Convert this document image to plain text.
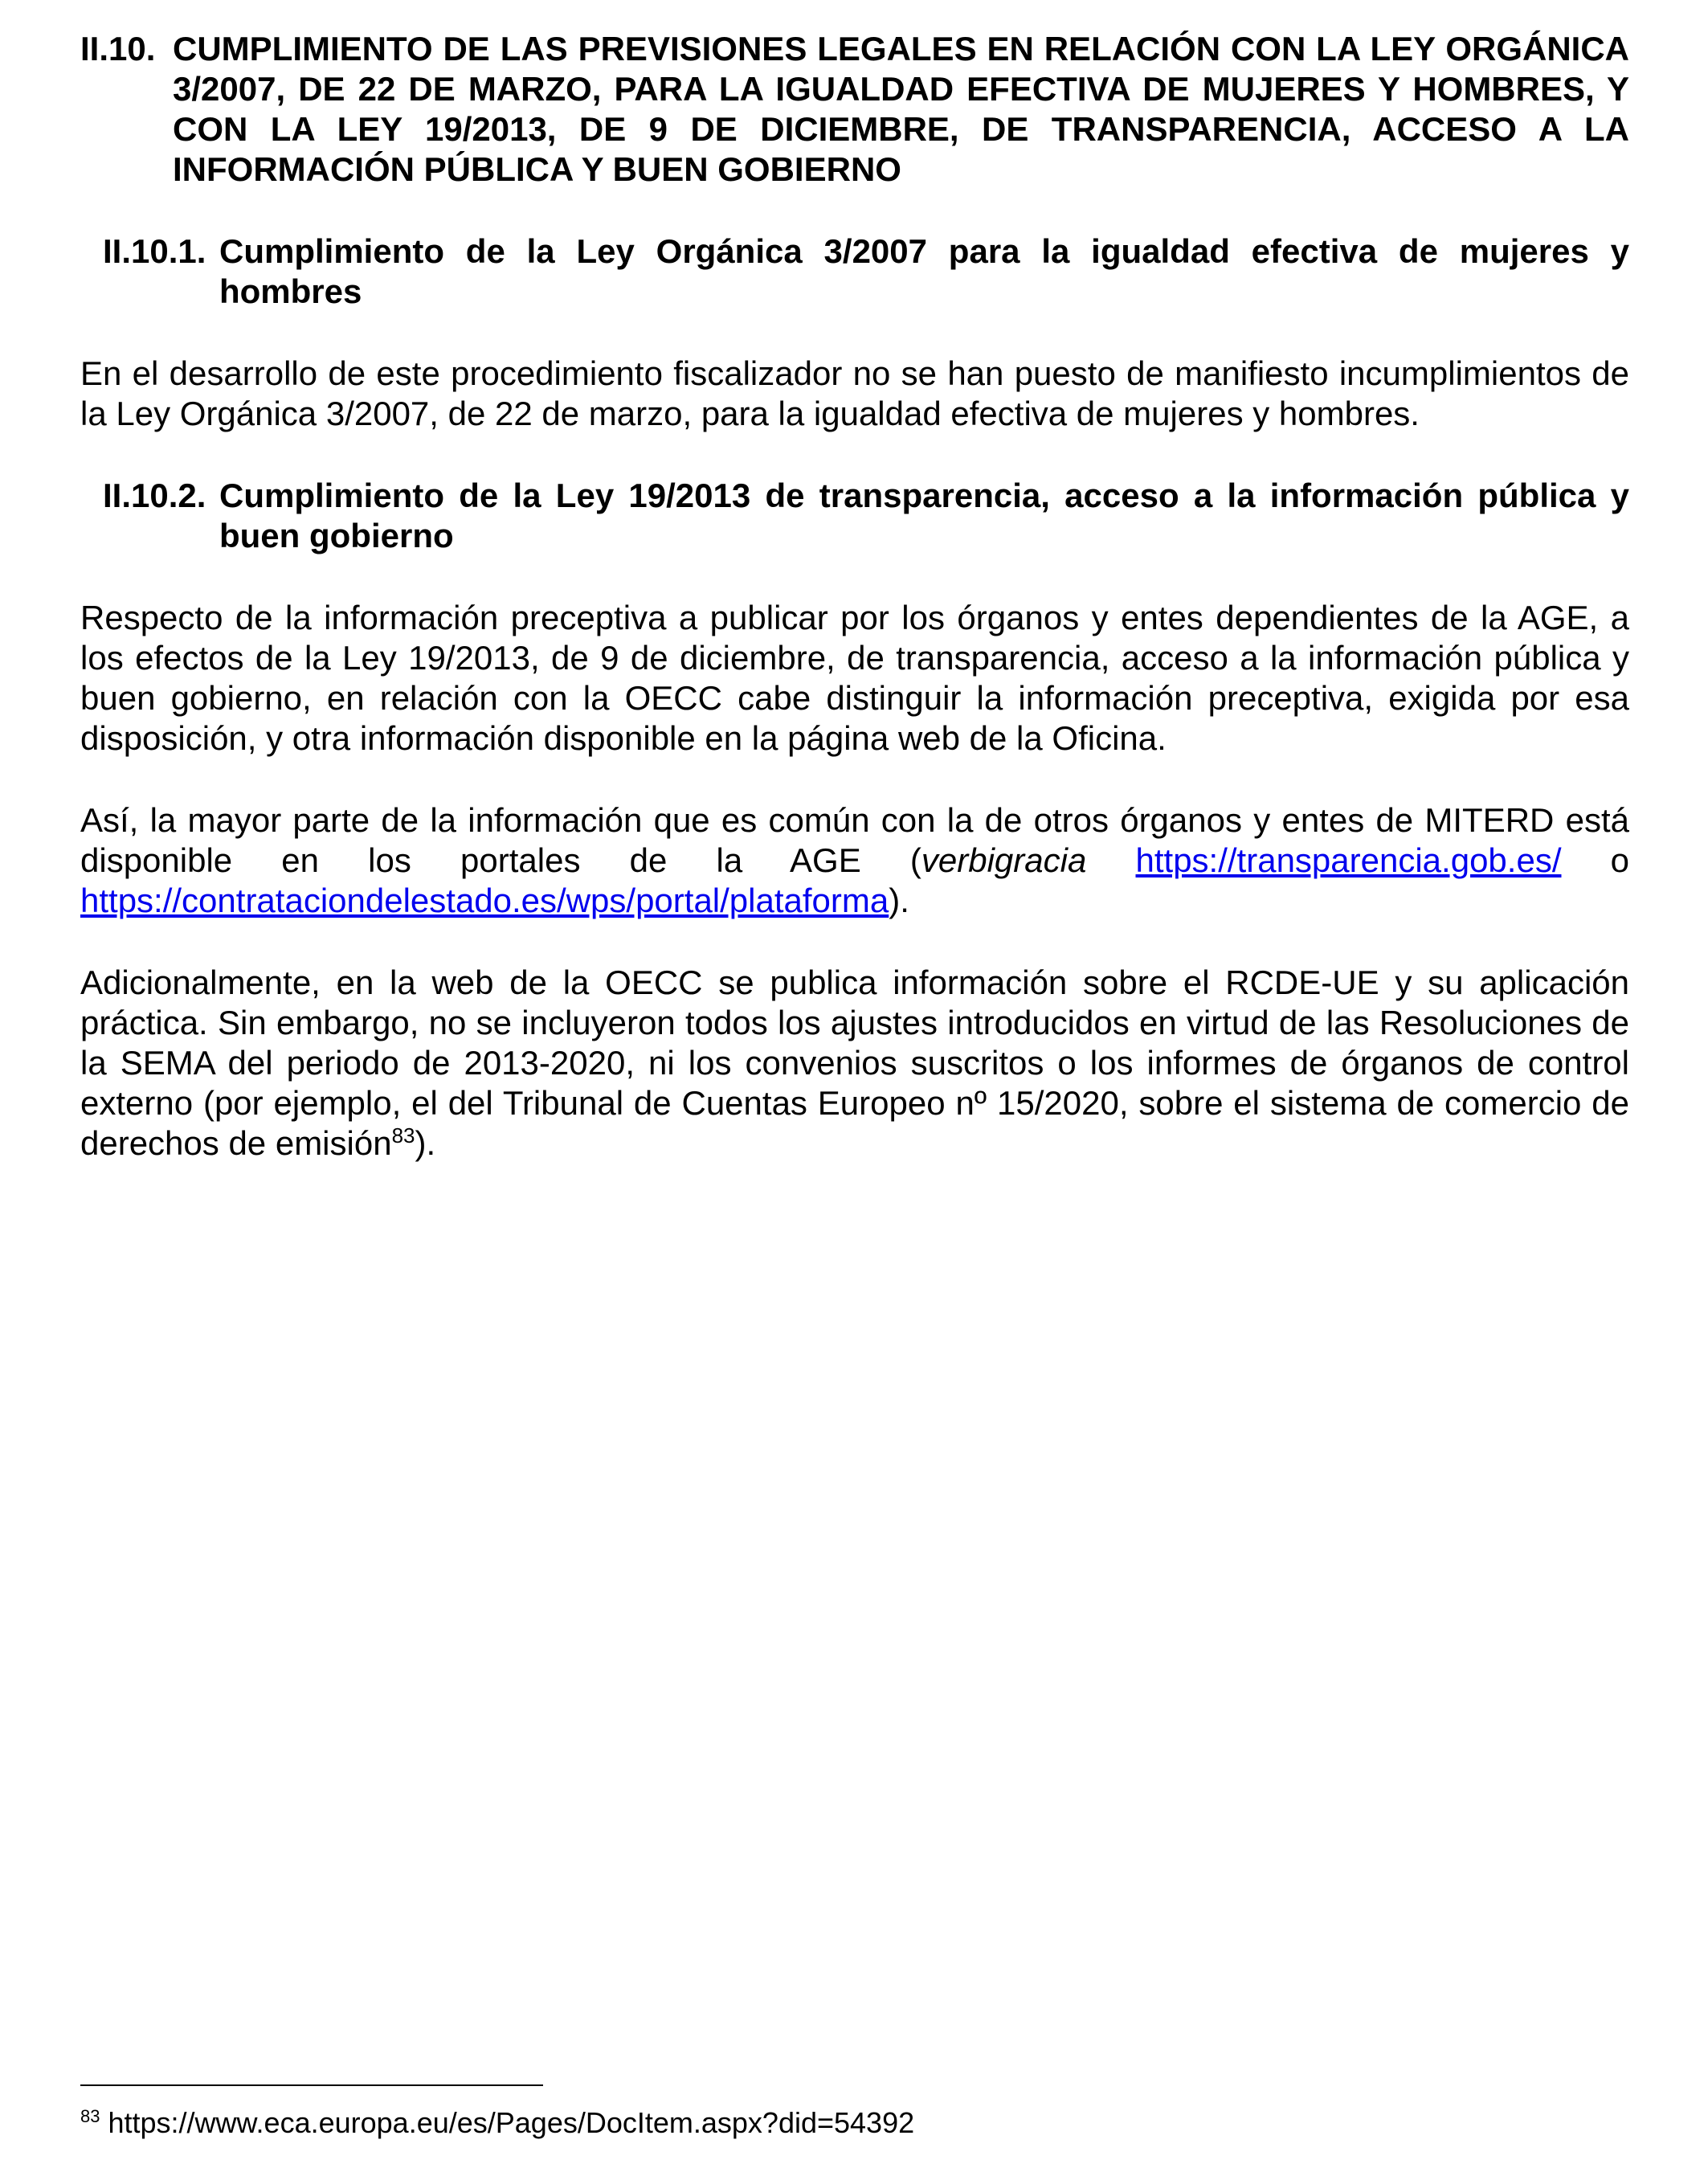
II.10. CUMPLIMIENTO DE LAS PREVISIONES LEGALES EN RELACIÓN CON LA LEY ORGÁNICA 3/2007, DE 22 DE MARZO, PARA LA IGUALDAD EFECTIVA DE MUJERES Y HOMBRES, Y CON LA LEY 19/2013, DE 9 DE DICIEMBRE, DE TRANSPARENCIA, ACCESO A LA INFORMACIÓN PÚBLICA Y BUEN GOBIERNO
II.10.1. Cumplimiento de la Ley Orgánica 3/2007 para la igualdad efectiva de mujeres y hombres

En el desarrollo de este procedimiento fiscalizador no se han puesto de manifiesto incumplimientos de la Ley Orgánica 3/2007, de 22 de marzo, para la igualdad efectiva de mujeres y hombres.

II.10.2. Cumplimiento de la Ley 19/2013 de transparencia, acceso a la información pública y buen gobierno

Respecto de la información preceptiva a publicar por los órganos y entes dependientes de la AGE, a los efectos de la Ley 19/2013, de 9 de diciembre, de transparencia, acceso a la información pública y buen gobierno, en relación con la OECC cabe distinguir la información preceptiva, exigida por esa disposición, y otra información disponible en la página web de la Oficina.

Así, la mayor parte de la información que es común con la de otros órganos y entes de MITERD está disponible en los portales de la AGE (verbigracia https://transparencia.gob.es/ o https://contrataciondelestado.es/wps/portal/plataforma).

Adicionalmente, en la web de la OECC se publica información sobre el RCDE-UE y su aplicación práctica. Sin embargo, no se incluyeron todos los ajustes introducidos en virtud de las Resoluciones de la SEMA del periodo de 2013-2020, ni los convenios suscritos o los informes de órganos de control externo (por ejemplo, el del Tribunal de Cuentas Europeo nº 15/2020, sobre el sistema de comercio de derechos de emisión$^{83}$).

$^{83}$ https://www.eca.europa.eu/es/Pages/DocItem.aspx?did=54392
